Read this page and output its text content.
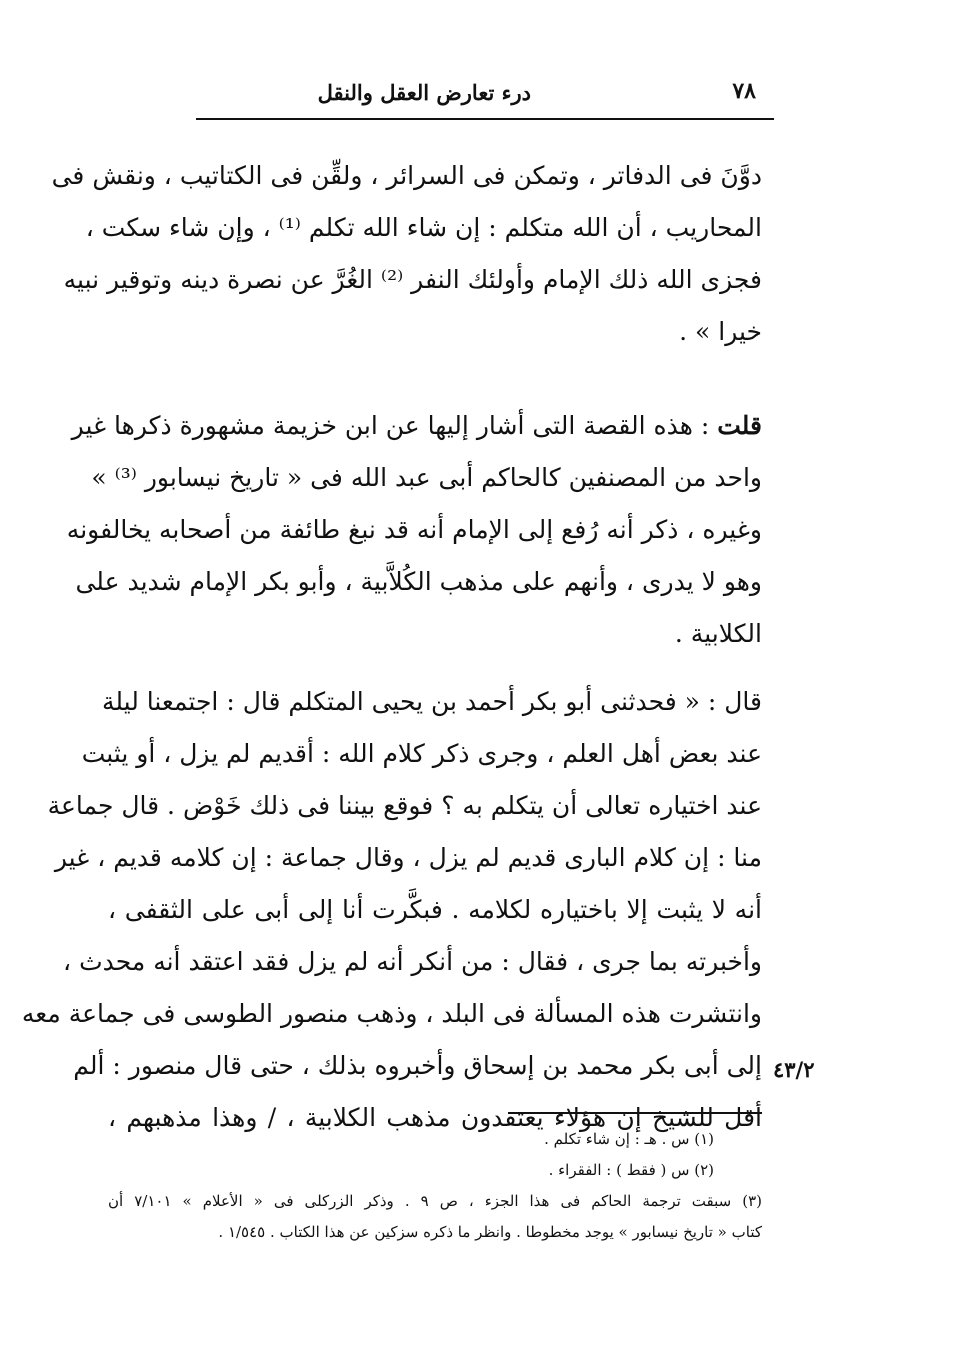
٧٨
درء تعارض العقل والنقل
دوَّنَ فى الدفاتر ، وتمكن فى السرائر ، ولقِّن فى الكتاتيب ، ونقش فى
المحاريب ، أن الله متكلم : إن شاء الله تكلم ⁽¹⁾ ، وإن شاء سكت ،
فجزى الله ذلك الإمام وأولئك النفر ⁽²⁾ الغُرَّ عن نصرة دينه وتوقير نبيه
خيرا » .
قلت : هذه القصة التى أشار إليها عن ابن خزيمة مشهورة ذكرها غير
واحد من المصنفين كالحاكم أبى عبد الله فى « تاريخ نيسابور ⁽³⁾ »
وغيره ، ذكر أنه رُفع إلى الإمام أنه قد نبغ طائفة من أصحابه يخالفونه
وهو لا يدرى ، وأنهم على مذهب الكُلاَّبية ، وأبو بكر الإمام شديد على
الكلابية .
قال : « فحدثنى أبو بكر أحمد بن يحيى المتكلم قال : اجتمعنا ليلة
عند بعض أهل العلم ، وجرى ذكر كلام الله : أقديم لم يزل ، أو يثبت
عند اختياره تعالى أن يتكلم به ؟ فوقع بيننا فى ذلك خَوْض . قال جماعة
منا : إن كلام البارى قديم لم يزل ، وقال جماعة : إن كلامه قديم ، غير
أنه لا يثبت إلا باختياره لكلامه . فبكَّرت أنا إلى أبى على الثقفى ،
وأخبرته بما جرى ، فقال : من أنكر أنه لم يزل فقد اعتقد أنه محدث ،
وانتشرت هذه المسألة فى البلد ، وذهب منصور الطوسى فى جماعة معه
إلى أبى بكر محمد بن إسحاق وأخبروه بذلك ، حتى قال منصور : ألم
أقل للشيخ إن هؤلاء يعتقدون مذهب الكلابية ، / وهذا مذهبهم ،
٤٣/٢
(١) س . هـ : إن شاء تكلم .
(٢) س ( فقط ) : الفقراء .
(٣) سبقت ترجمة الحاكم فى هذا الجزء ، ص ٩ . وذكر الزركلى فى « الأعلام » ٧/١٠١ أن
كتاب « تاريخ نيسابور » يوجد مخطوطا . وانظر ما ذكره سزكين عن هذا الكتاب . ١/٥٤٥ .
